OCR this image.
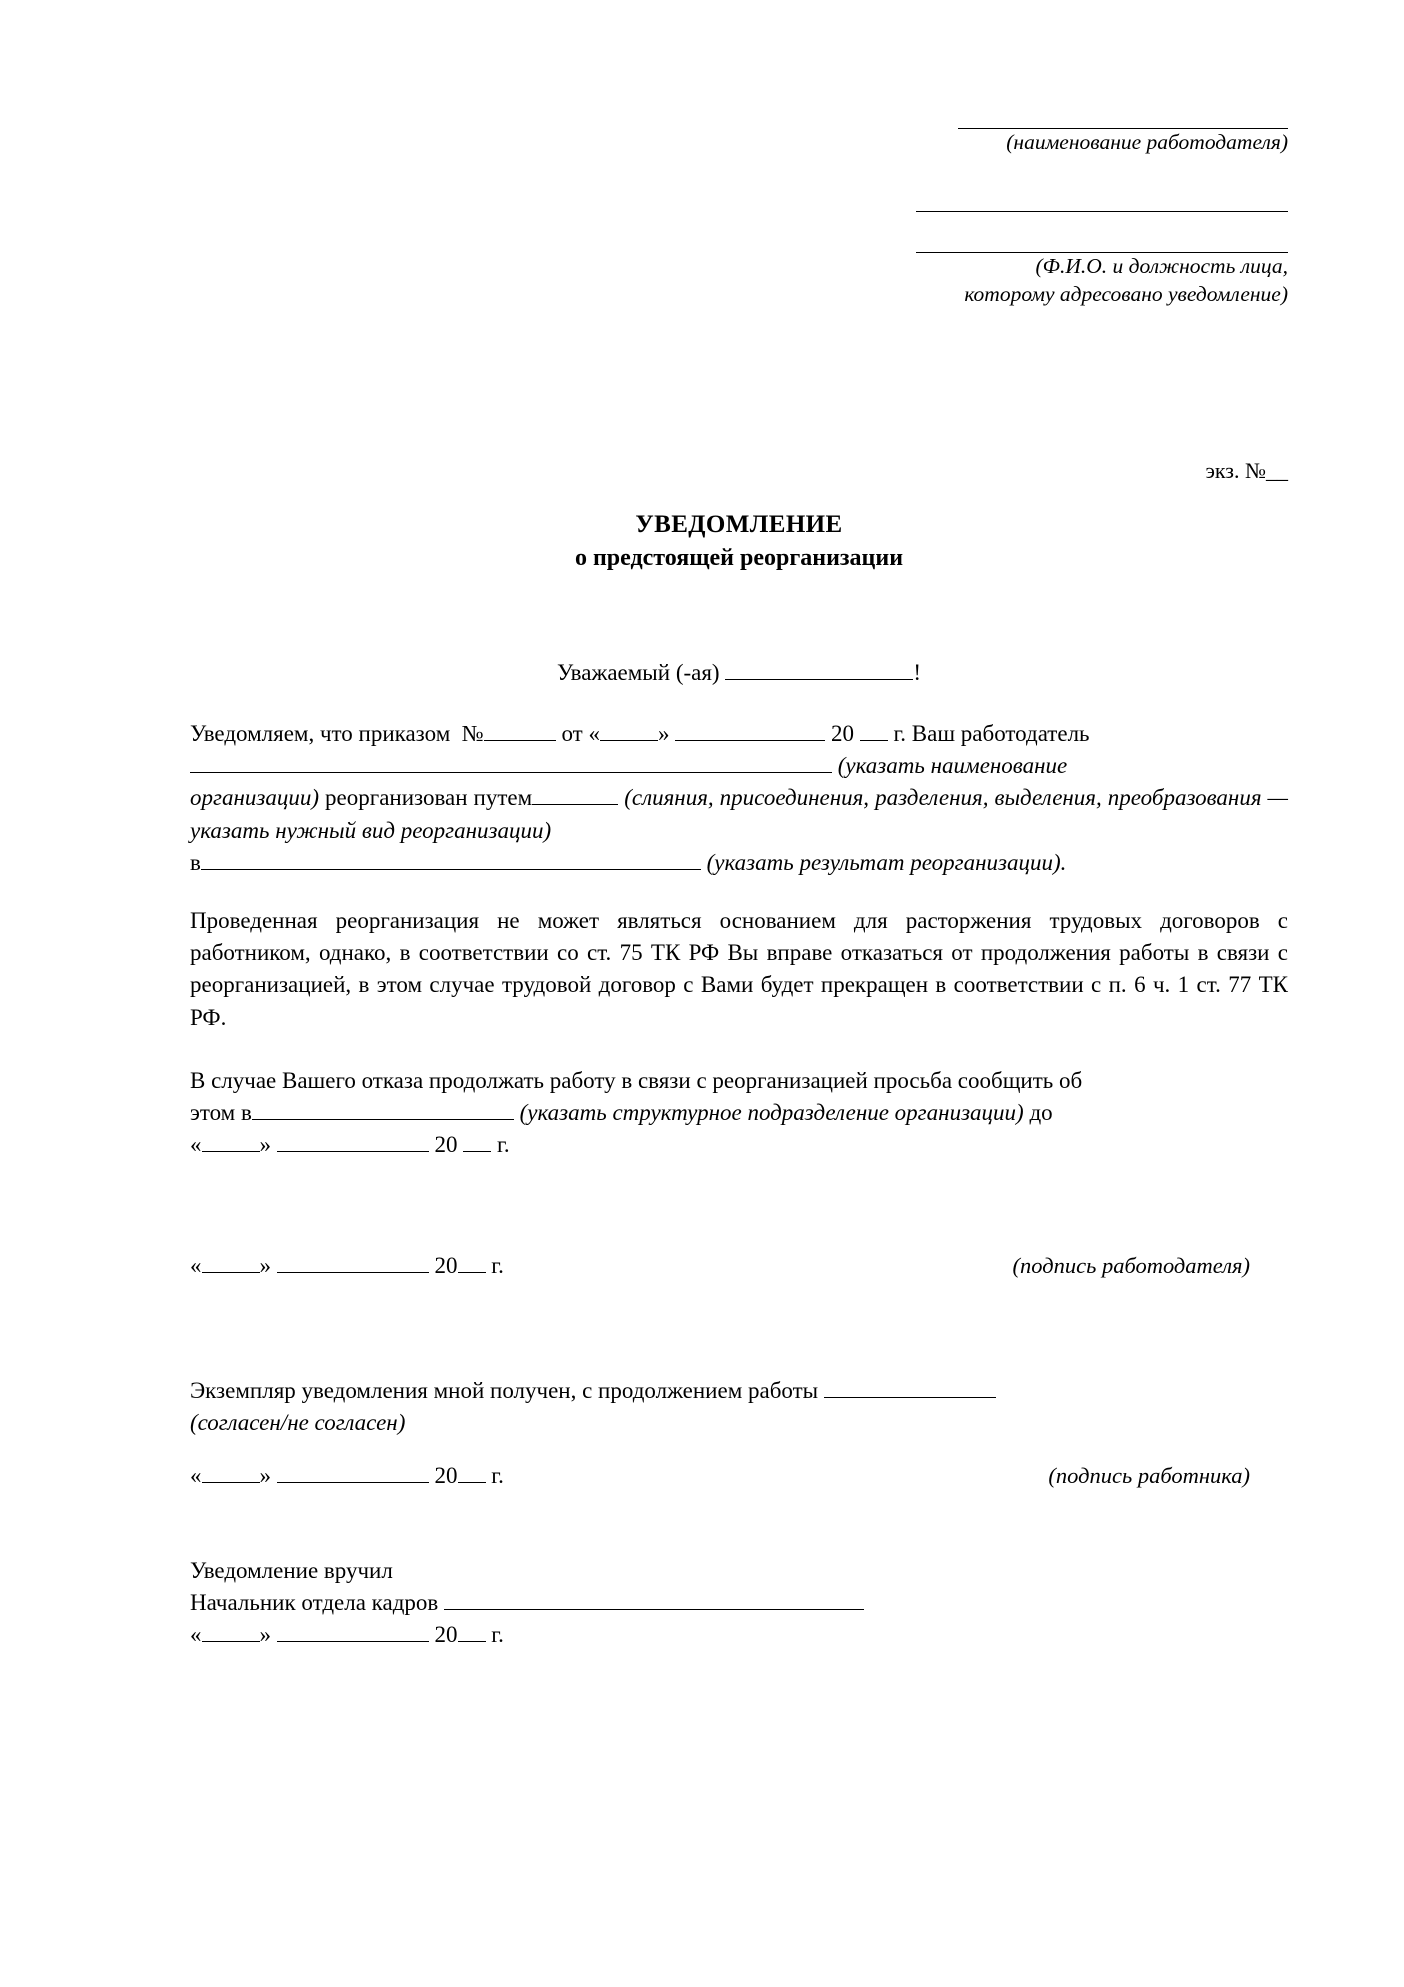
(наименование работодателя)
(Ф.И.О. и должность лица,
которому адресовано уведомление)
экз. №__
УВЕДОМЛЕНИЕ
о предстоящей реорганизации
Уважаемый (-ая)	!
Уведомляем, что приказом №	от «	»	20 г. Ваш работодатель
(указать наименование
организации) реорганизован путем	(слияния, присоединения, разделения, выделения, преобразования — указать нужный вид реорганизации)
в	(указать результат реорганизации).

Проведенная реорганизация не может являться основанием для расторжения трудовых договоров с работником, однако, в соответствии со ст. 75 ТК РФ Вы вправе отказаться от продолжения работы в связи с реорганизацией, в этом случае трудовой договор с Вами будет прекращен в соответствии с п. 6 ч. 1 ст. 77 ТК РФ.

В случае Вашего отказа продолжать работу в связи с реорганизацией просьба сообщить об
этом в	(указать структурное подразделение организации) до
«	»	20 г.
«	»	20 г.	(подпись работодателя)
Экземпляр уведомления мной получен, с продолжением работы
(согласен/не согласен)
«	»	20 г.	(подпись работника)
Уведомление вручил
Начальник отдела кадров
«	»	20 г.
